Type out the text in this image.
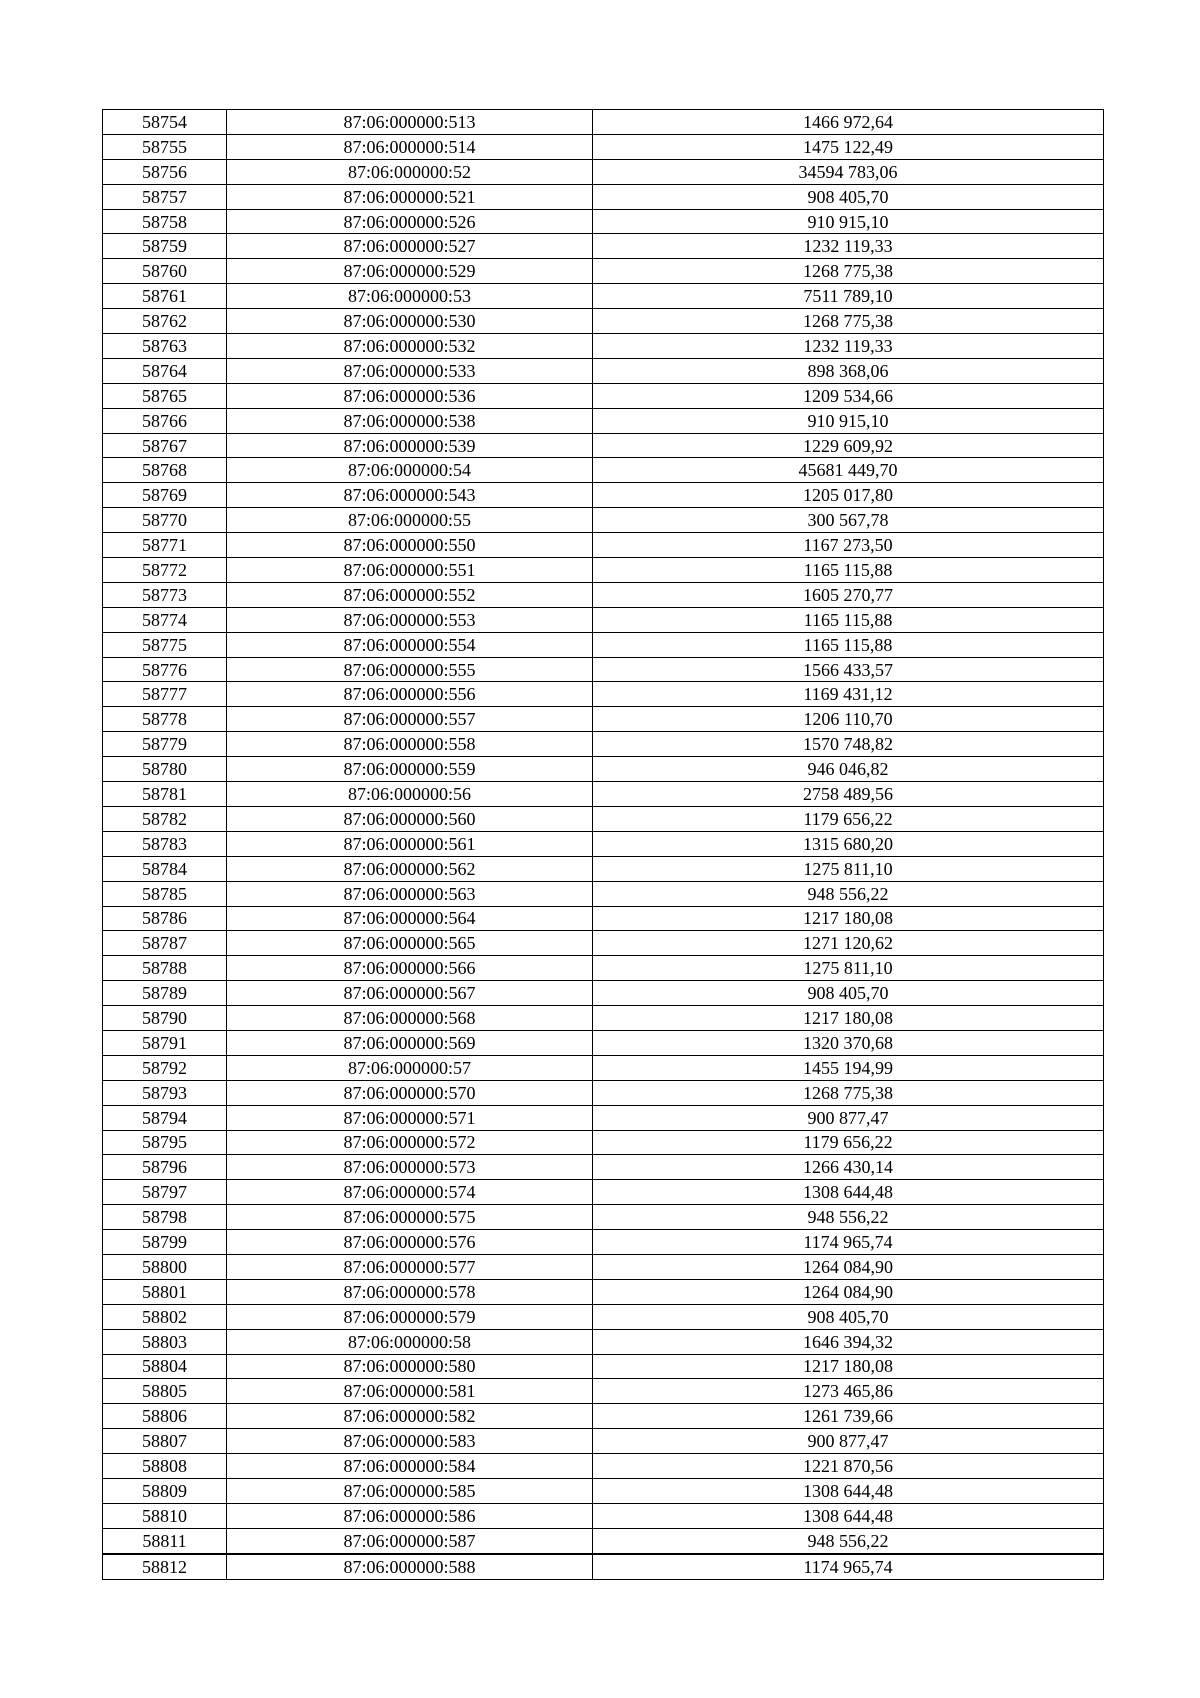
58754	87:06:000000:513	1466 972,64
58755	87:06:000000:514	1475 122,49
58756	87:06:000000:52	34594 783,06
58757	87:06:000000:521	908 405,70
58758	87:06:000000:526	910 915,10
58759	87:06:000000:527	1232 119,33
58760	87:06:000000:529	1268 775,38
58761	87:06:000000:53	7511 789,10
58762	87:06:000000:530	1268 775,38
58763	87:06:000000:532	1232 119,33
58764	87:06:000000:533	898 368,06
58765	87:06:000000:536	1209 534,66
58766	87:06:000000:538	910 915,10
58767	87:06:000000:539	1229 609,92
58768	87:06:000000:54	45681 449,70
58769	87:06:000000:543	1205 017,80
58770	87:06:000000:55	300 567,78
58771	87:06:000000:550	1167 273,50
58772	87:06:000000:551	1165 115,88
58773	87:06:000000:552	1605 270,77
58774	87:06:000000:553	1165 115,88
58775	87:06:000000:554	1165 115,88
58776	87:06:000000:555	1566 433,57
58777	87:06:000000:556	1169 431,12
58778	87:06:000000:557	1206 110,70
58779	87:06:000000:558	1570 748,82
58780	87:06:000000:559	946 046,82
58781	87:06:000000:56	2758 489,56
58782	87:06:000000:560	1179 656,22
58783	87:06:000000:561	1315 680,20
58784	87:06:000000:562	1275 811,10
58785	87:06:000000:563	948 556,22
58786	87:06:000000:564	1217 180,08
58787	87:06:000000:565	1271 120,62
58788	87:06:000000:566	1275 811,10
58789	87:06:000000:567	908 405,70
58790	87:06:000000:568	1217 180,08
58791	87:06:000000:569	1320 370,68
58792	87:06:000000:57	1455 194,99
58793	87:06:000000:570	1268 775,38
58794	87:06:000000:571	900 877,47
58795	87:06:000000:572	1179 656,22
58796	87:06:000000:573	1266 430,14
58797	87:06:000000:574	1308 644,48
58798	87:06:000000:575	948 556,22
58799	87:06:000000:576	1174 965,74
58800	87:06:000000:577	1264 084,90
58801	87:06:000000:578	1264 084,90
58802	87:06:000000:579	908 405,70
58803	87:06:000000:58	1646 394,32
58804	87:06:000000:580	1217 180,08
58805	87:06:000000:581	1273 465,86
58806	87:06:000000:582	1261 739,66
58807	87:06:000000:583	900 877,47
58808	87:06:000000:584	1221 870,56
58809	87:06:000000:585	1308 644,48
58810	87:06:000000:586	1308 644,48
58811	87:06:000000:587	948 556,22
58812	87:06:000000:588	1174 965,74
